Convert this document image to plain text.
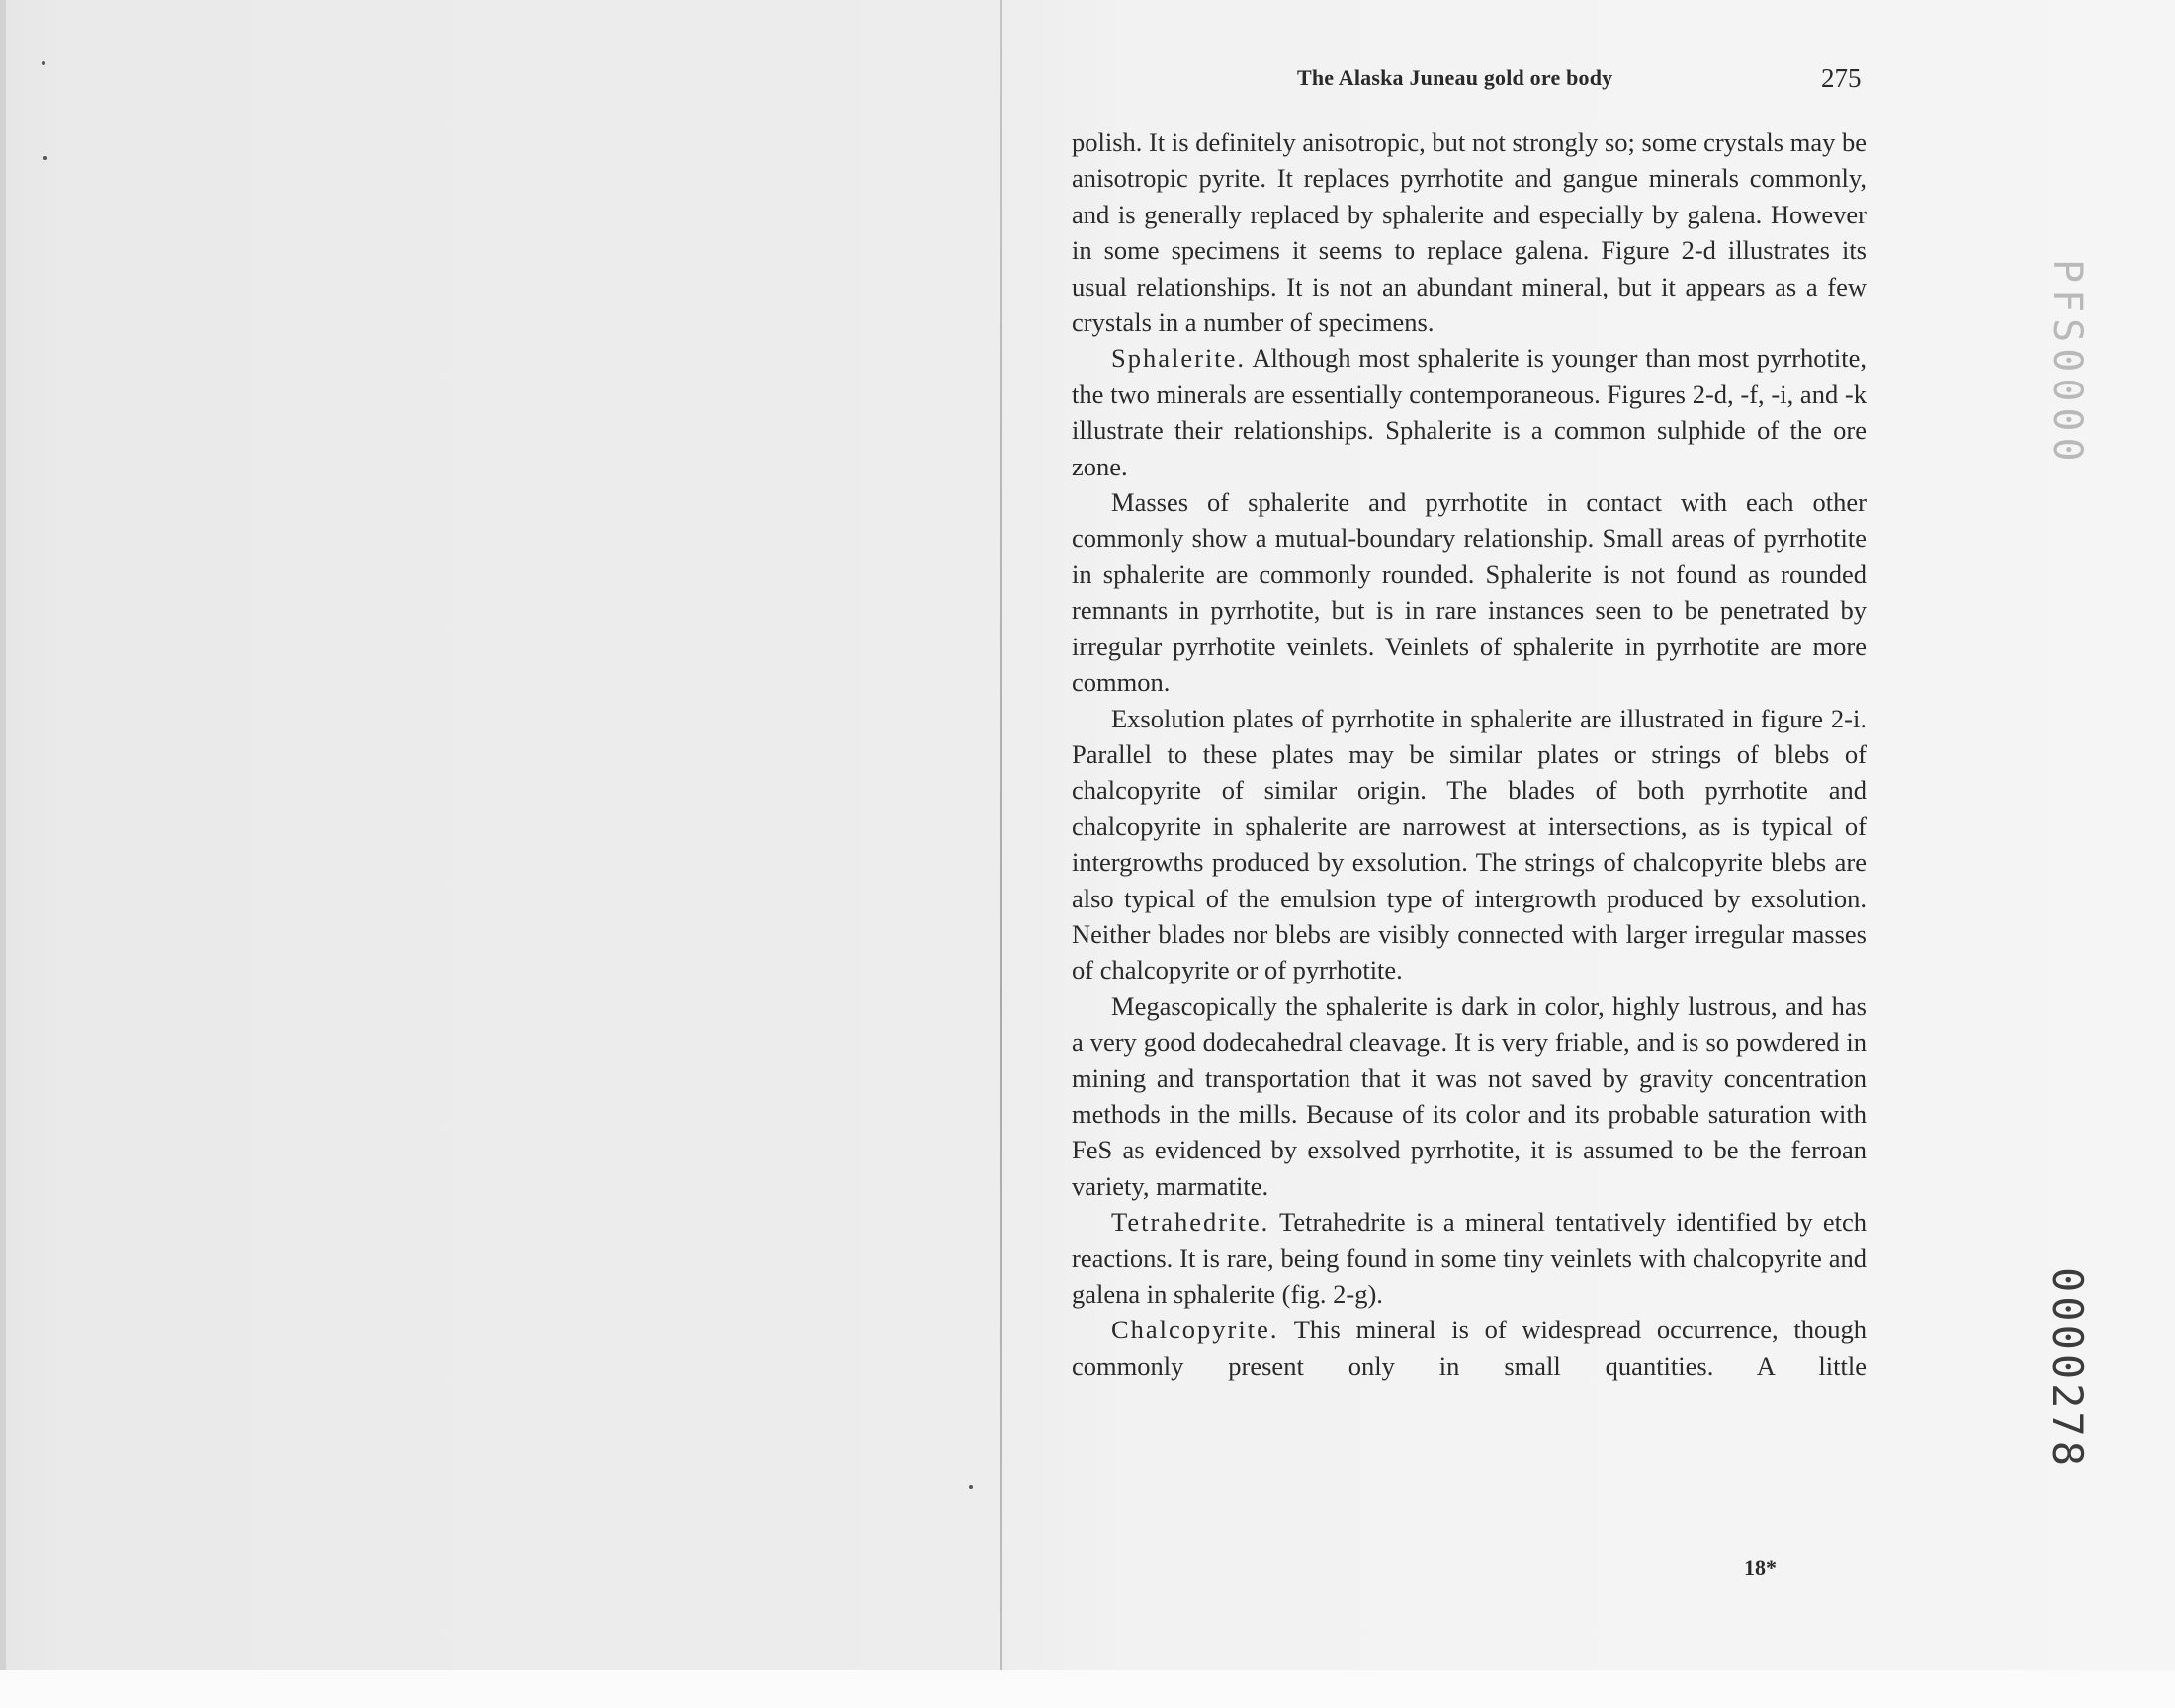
The Alaska Juneau gold ore body	275

polish. It is definitely anisotropic, but not strongly so; some crystals may be anisotropic pyrite. It replaces pyrrhotite and gangue minerals commonly, and is generally replaced by sphalerite and especially by galena. However in some specimens it seems to replace galena. Figure 2-d illustrates its usual relationships. It is not an abundant mineral, but it appears as a few crystals in a number of specimens.

Sphalerite. Although most sphalerite is younger than most pyrrhotite, the two minerals are essentially contemporaneous. Figures 2-d, -f, -i, and -k illustrate their relationships. Sphalerite is a common sulphide of the ore zone.

Masses of sphalerite and pyrrhotite in contact with each other commonly show a mutual-boundary relationship. Small areas of pyrrhotite in sphalerite are commonly rounded. Sphalerite is not found as rounded remnants in pyrrhotite, but is in rare instances seen to be penetrated by irregular pyrrhotite veinlets. Veinlets of sphalerite in pyrrhotite are more common.

Exsolution plates of pyrrhotite in sphalerite are illustrated in figure 2-i. Parallel to these plates may be similar plates or strings of blebs of chalcopyrite of similar origin. The blades of both pyrrhotite and chalcopyrite in sphalerite are narrowest at intersections, as is typical of intergrowths produced by exsolution. The strings of chalcopyrite blebs are also typical of the emulsion type of intergrowth produced by exsolution. Neither blades nor blebs are visibly connected with larger irregular masses of chalcopyrite or of pyrrhotite.

Megascopically the sphalerite is dark in color, highly lustrous, and has a very good dodecahedral cleavage. It is very friable, and is so powdered in mining and transportation that it was not saved by gravity concentration methods in the mills. Because of its color and its probable saturation with FeS as evidenced by exsolved pyrrhotite, it is assumed to be the ferroan variety, marmatite.

Tetrahedrite. Tetrahedrite is a mineral tentatively identified by etch reactions. It is rare, being found in some tiny veinlets with chalcopyrite and galena in sphalerite (fig. 2-g).

Chalcopyrite. This mineral is of widespread occurrence, though commonly present only in small quantities. A little

18*
PFS0000
0000278
